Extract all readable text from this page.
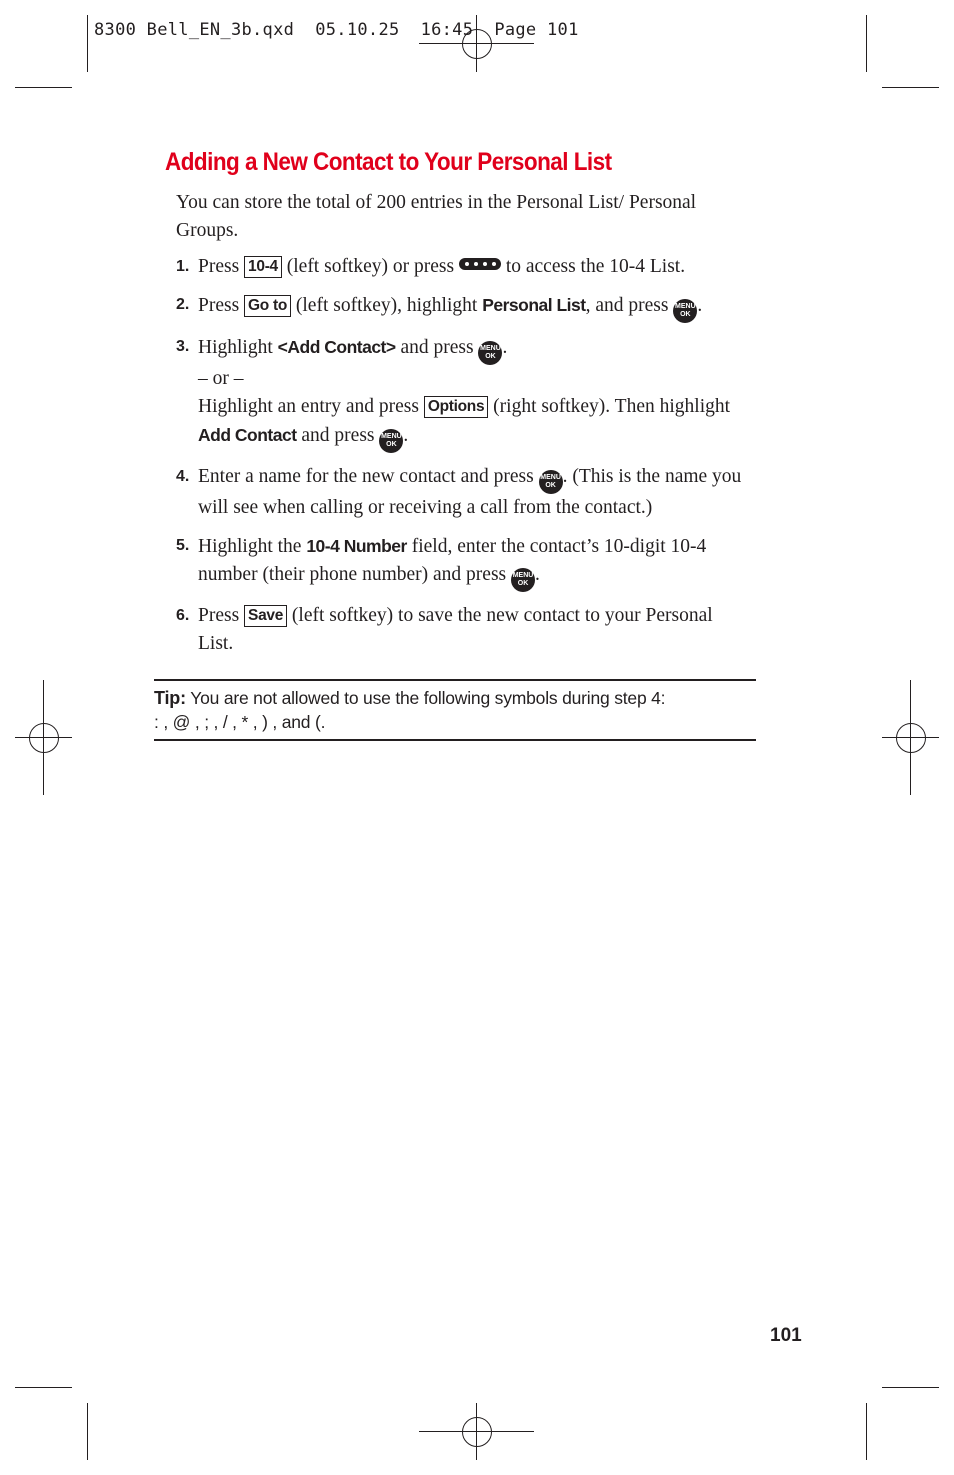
8300 Bell_EN_3b.qxd  05.10.25  16:45  Page 101
Adding a New Contact to Your Personal List

You can store the total of 200 entries in the Personal List/ Personal Groups.

1. Press 10-4 (left softkey) or press	to access the 10-4 List.
2. Press Go to (left softkey), highlight Personal List, and press MENU
OK .
3. Highlight <Add Contact> and press MENU
OK .
– or –
Highlight an entry and press Options (right softkey). Then highlight Add Contact and press MENU
OK .
4. Enter a name for the new contact and press MENU
OK . (This is the name you will see when calling or receiving a call from the contact.)
5. Highlight the 10-4 Number field, enter the contact’s 10-digit 10-4 number (their phone number) and press MENU
OK .
6. Press Save (left softkey) to save the new contact to your Personal List.
Tip: You are not allowed to use the following symbols during step 4:
: , @ , ; , / , * , ) , and (.
101
